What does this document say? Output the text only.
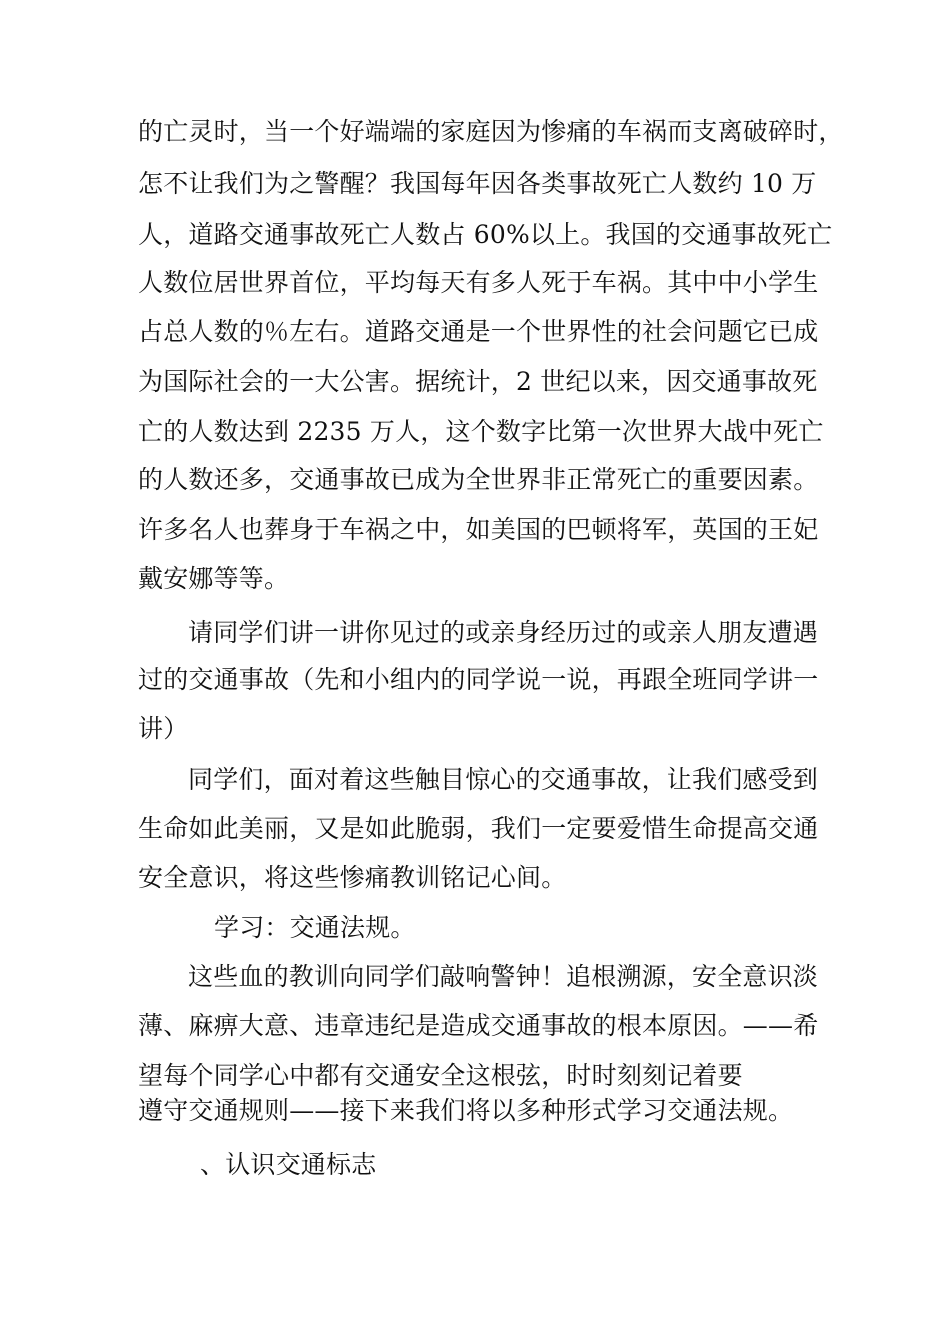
的亡灵时，当一个好端端的家庭因为惨痛的车祸而支离破碎时，

怎不让我们为之警醒？我国每年因各类事故死亡人数约 10 万

人，道路交通事故死亡人数占 60%以上。我国的交通事故死亡

人数位居世界首位，平均每天有多人死于车祸。其中中小学生

占总人数的％左右。道路交通是一个世界性的社会问题它已成

为国际社会的一大公害。据统计，2 世纪以来，因交通事故死

亡的人数达到 2235 万人，这个数字比第一次世界大战中死亡

的人数还多，交通事故已成为全世界非正常死亡的重要因素。

许多名人也葬身于车祸之中，如美国的巴顿将军，英国的王妃

戴安娜等等。

请同学们讲一讲你见过的或亲身经历过的或亲人朋友遭遇

过的交通事故（先和小组内的同学说一说，再跟全班同学讲一

讲）

同学们，面对着这些触目惊心的交通事故，让我们感受到

生命如此美丽，又是如此脆弱，我们一定要爱惜生命提高交通

安全意识，将这些惨痛教训铭记心间。

学习：交通法规。

这些血的教训向同学们敲响警钟！追根溯源，安全意识淡

薄、麻痹大意、违章违纪是造成交通事故的根本原因。——希

望每个同学心中都有交通安全这根弦，时时刻刻记着要

遵守交通规则——接下来我们将以多种形式学习交通法规。

、认识交通标志
